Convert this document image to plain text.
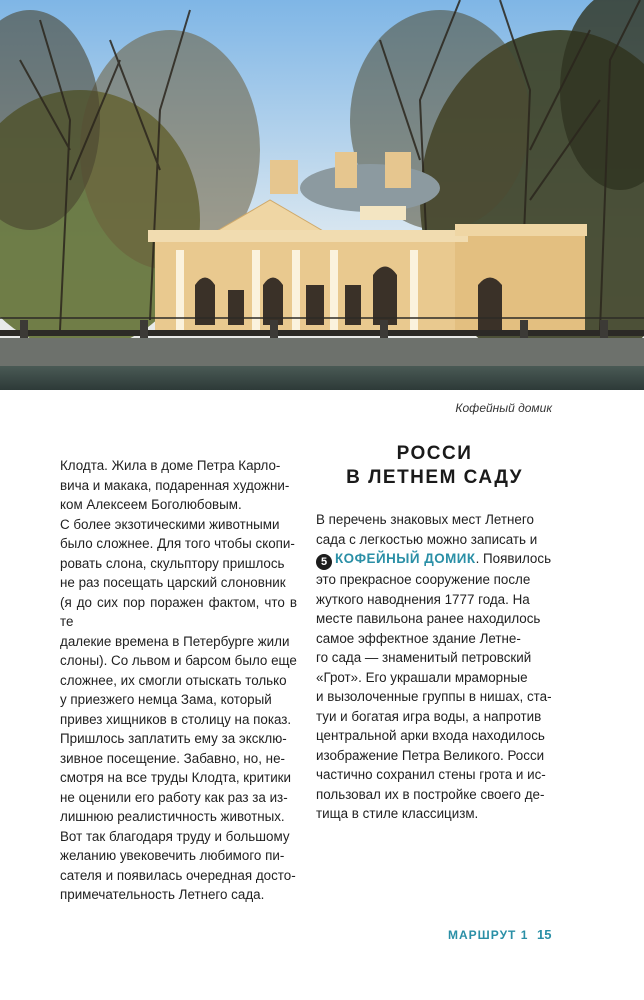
Кофейный домик

Клодта. Жила в доме Петра Карло-
вича и макака, подаренная художни-
ком Алексеем Боголюбовым.

С более экзотическими животными
было сложнее. Для того чтобы скопи-
ровать слона, скульптору пришлось
не раз посещать царский слоновник
(я до сих пор поражен фактом, что в те
далекие времена в Петербурге жили
слоны). Со львом и барсом было еще
сложнее, их смогли отыскать только
у приезжего немца Зама, который
привез хищников в столицу на показ.
Пришлось заплатить ему за эксклю-
зивное посещение. Забавно, но, не-
смотря на все труды Клодта, критики
не оценили его работу как раз за из-
лишнюю реалистичность животных.

Вот так благодаря труду и большому
желанию увековечить любимого пи-
сателя и появилась очередная досто-
примечательность Летнего сада.

РОССИ
В ЛЕТНЕМ САДУ

В перечень знаковых мест Летнего
сада с легкостью можно записать и
5 КОФЕЙНЫЙ ДОМИК. Появилось
это прекрасное сооружение после
жуткого наводнения 1777 года. На
месте павильона ранее находилось
самое эффектное здание Летне-
го сада — знаменитый петровский
«Грот». Его украшали мраморные
и вызолоченные группы в нишах, ста-
туи и богатая игра воды, а напротив
центральной арки входа находилось
изображение Петра Великого. Росси
частично сохранил стены грота и ис-
пользовал их в постройке своего де-
тища в стиле классицизм.

МАРШРУТ 1 15
